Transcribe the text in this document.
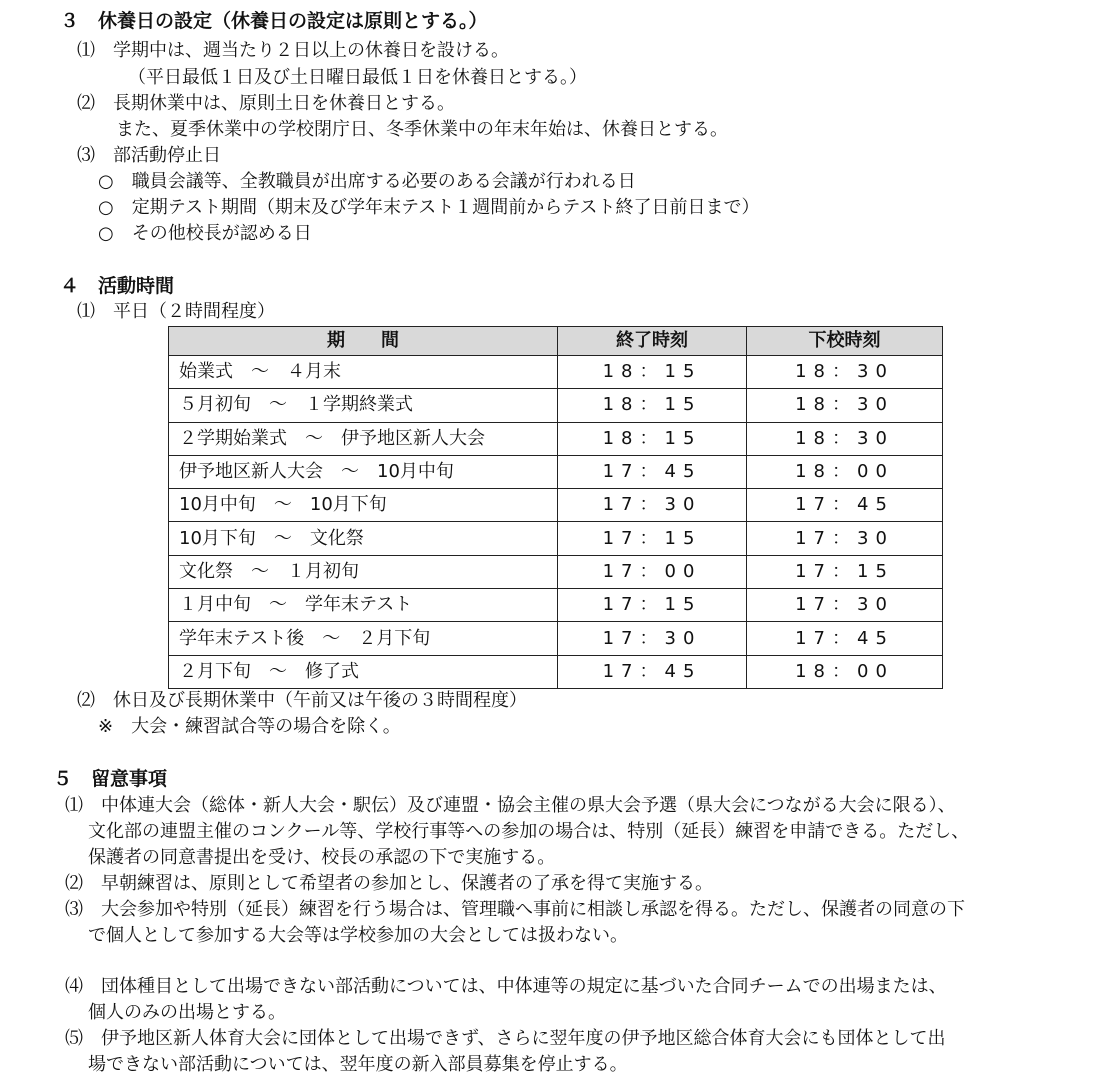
３　休養日の設定（休養日の設定は原則とする。）
⑴　学期中は、週当たり２日以上の休養日を設ける。
（平日最低１日及び土日曜日最低１日を休養日とする。）
⑵　長期休業中は、原則土日を休養日とする。
また、夏季休業中の学校閉庁日、冬季休業中の年末年始は、休養日とする。
⑶　部活動停止日
○　職員会議等、全教職員が出席する必要のある会議が行われる日
○　定期テスト期間（期末及び学年末テスト１週間前からテスト終了日前日まで）
○　その他校長が認める日
４　活動時間
⑴　平日（２時間程度）
期　　間	終了時刻	下校時刻
始業式　～　４月末	18：15	18：30
５月初旬　～　１学期終業式	18：15	18：30
２学期始業式　～　伊予地区新人大会	18：15	18：30
伊予地区新人大会　～　10月中旬	17：45	18：00
10月中旬　～　10月下旬	17：30	17：45
10月下旬　～　文化祭	17：15	17：30
文化祭　～　１月初旬	17：00	17：15
１月中旬　～　学年末テスト	17：15	17：30
学年末テスト後　～　２月下旬	17：30	17：45
２月下旬　～　修了式	17：45	18：00
⑵　休日及び長期休業中（午前又は午後の３時間程度）
※　大会・練習試合等の場合を除く。
５　留意事項
⑴　中体連大会（総体・新人大会・駅伝）及び連盟・協会主催の県大会予選（県大会につながる大会に限る）、
文化部の連盟主催のコンクール等、学校行事等への参加の場合は、特別（延長）練習を申請できる。ただし、
保護者の同意書提出を受け、校長の承認の下で実施する。
⑵　早朝練習は、原則として希望者の参加とし、保護者の了承を得て実施する。
⑶　大会参加や特別（延長）練習を行う場合は、管理職へ事前に相談し承認を得る。ただし、保護者の同意の下
で個人として参加する大会等は学校参加の大会としては扱わない。
⑷　団体種目として出場できない部活動については、中体連等の規定に基づいた合同チームでの出場または、
個人のみの出場とする。
⑸　伊予地区新人体育大会に団体として出場できず、さらに翌年度の伊予地区総合体育大会にも団体として出
場できない部活動については、翌年度の新入部員募集を停止する。
